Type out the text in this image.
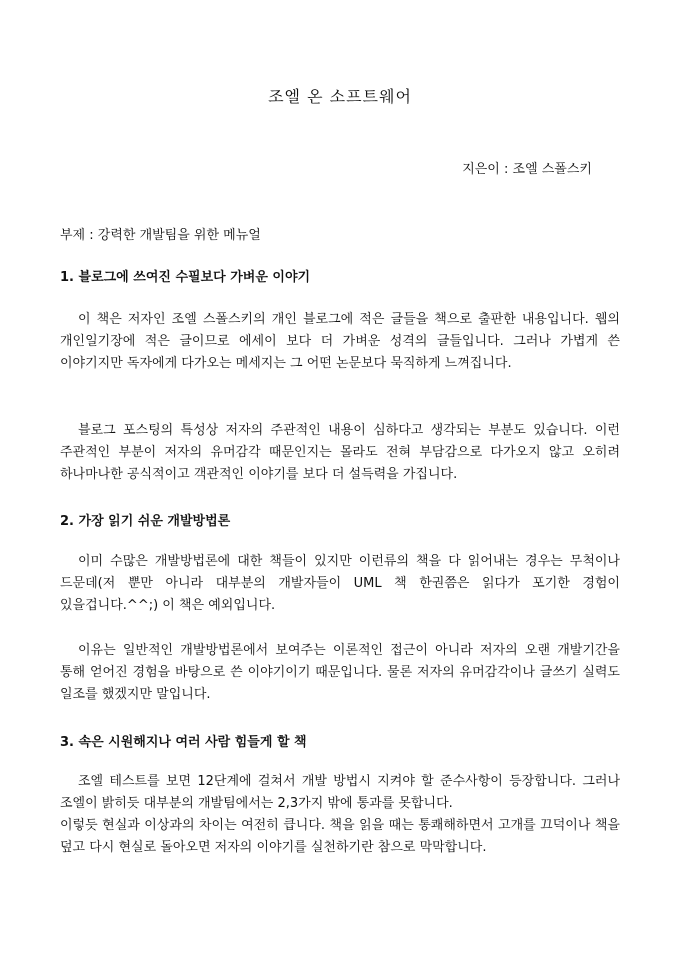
조엘 온 소프트웨어
지은이 : 조엘 스폴스키
부제 : 강력한 개발팀을 위한 메뉴얼
1. 블로그에 쓰여진 수필보다 가벼운 이야기
이 책은 저자인 조엘 스폴스키의 개인 블로그에 적은 글들을 책으로 출판한 내용입니다. 웹의 개인일기장에 적은 글이므로 에세이 보다 더 가벼운 성격의 글들입니다. 그러나 가볍게 쓴 이야기지만 독자에게 다가오는 메세지는 그 어떤 논문보다 묵직하게 느껴집니다.
블로그 포스팅의 특성상 저자의 주관적인 내용이 심하다고 생각되는 부분도 있습니다. 이런 주관적인 부분이 저자의 유머감각 때문인지는 몰라도 전혀 부담감으로 다가오지 않고 오히려 하나마나한 공식적이고 객관적인 이야기를 보다 더 설득력을 가집니다.
2. 가장 읽기 쉬운 개발방법론
이미 수많은 개발방법론에 대한 책들이 있지만 이런류의 책을 다 읽어내는 경우는 무척이나 드문데(저 뿐만 아니라 대부분의 개발자들이 UML 책 한권쯤은 읽다가 포기한 경험이 있을겁니다.^^;) 이 책은 예외입니다.
이유는 일반적인 개발방법론에서 보여주는 이론적인 접근이 아니라 저자의 오랜 개발기간을 통해 얻어진 경험을 바탕으로 쓴 이야기이기 때문입니다. 물론 저자의 유머감각이나 글쓰기 실력도 일조를 했겠지만 말입니다.
3. 속은 시원해지나 여러 사람 힘들게 할 책
조엘 테스트를 보면 12단계에 걸쳐서 개발 방법시 지켜야 할 준수사항이 등장합니다. 그러나 조엘이 밝히듯 대부분의 개발팀에서는 2,3가지 밖에 통과를 못합니다.
이렇듯 현실과 이상과의 차이는 여전히 큽니다. 책을 읽을 때는 통쾌해하면서 고개를 끄덕이나 책을 덮고 다시 현실로 돌아오면 저자의 이야기를 실천하기란 참으로 막막합니다.
